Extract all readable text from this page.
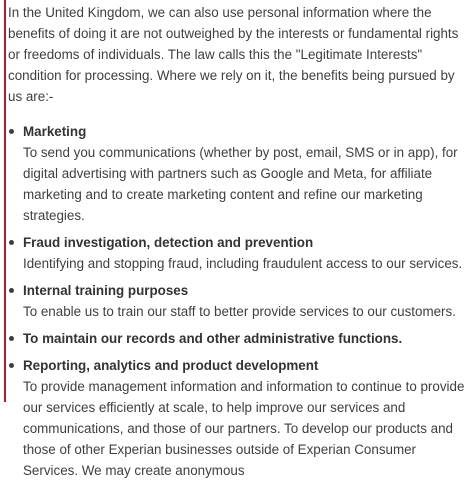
In the United Kingdom, we can also use personal information where the benefits of doing it are not outweighed by the interests or fundamental rights or freedoms of individuals. The law calls this the "Legitimate Interests" condition for processing. Where we rely on it, the benefits being pursued by us are:-

Marketing
To send you communications (whether by post, email, SMS or in app), for digital advertising with partners such as Google and Meta, for affiliate marketing and to create marketing content and refine our marketing strategies.
Fraud investigation, detection and prevention
Identifying and stopping fraud, including fraudulent access to our services.
Internal training purposes
To enable us to train our staff to better provide services to our customers.
To maintain our records and other administrative functions.
Reporting, analytics and product development
To provide management information and information to continue to provide our services efficiently at scale, to help improve our services and communications, and those of our partners. To develop our products and those of other Experian businesses outside of Experian Consumer Services. We may create anonymous
